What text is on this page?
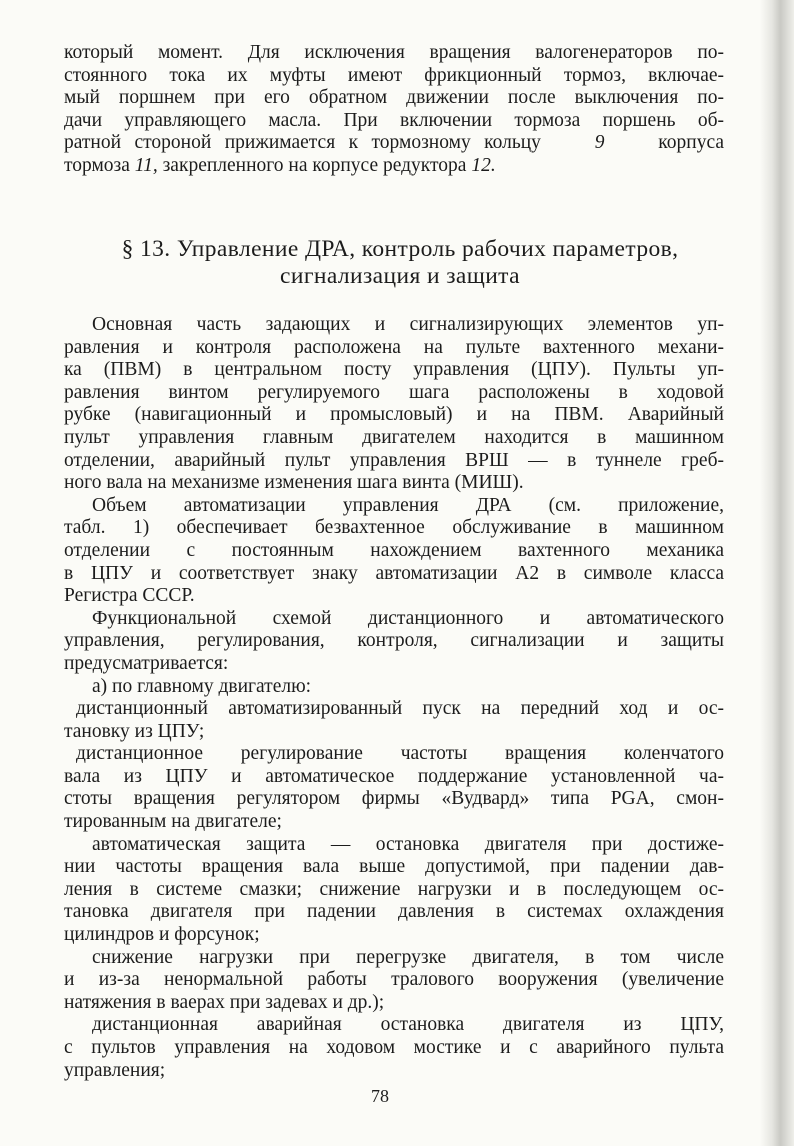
который момент. Для исключения вращения валогенераторов по-
стоянного тока их муфты имеют фрикционный тормоз, включае-
мый поршнем при его обратном движении после выключения по-
дачи управляющего масла. При включении тормоза поршень об-
ратной стороной прижимается к тормозному кольцу	9	корпуса
тормоза 11, закрепленного на корпусе редуктора 12.
§ 13. Управление ДРА, контроль рабочих параметров,
сигнализация и защита
Основная часть задающих и сигнализирующих элементов уп-
равления и контроля расположена на пульте вахтенного механи-
ка (ПВМ) в центральном посту управления (ЦПУ). Пульты уп-
равления винтом регулируемого шага расположены в ходовой
рубке (навигационный и промысловый) и на ПВМ. Аварийный
пульт управления главным двигателем находится в машинном
отделении, аварийный пульт управления ВРШ — в туннеле греб-
ного вала на механизме изменения шага винта (МИШ).
Объем автоматизации управления ДРА (см. приложение,
табл. 1) обеспечивает безвахтенное обслуживание в машинном
отделении с постоянным нахождением вахтенного механика
в ЦПУ и соответствует знаку автоматизации А2 в символе класса
Регистра СССР.
Функциональной схемой дистанционного и автоматического
управления, регулирования, контроля, сигнализации и защиты
предусматривается:
а) по главному двигателю:
дистанционный автоматизированный пуск на передний ход и ос-
тановку из ЦПУ;
дистанционное регулирование частоты вращения коленчатого
вала из ЦПУ и автоматическое поддержание установленной ча-
стоты вращения регулятором фирмы «Вудвард» типа PGA, смон-
тированным на двигателе;
автоматическая защита — остановка двигателя при достиже-
нии частоты вращения вала выше допустимой, при падении дав-
ления в системе смазки; снижение нагрузки и в последующем ос-
тановка двигателя при падении давления в системах охлаждения
цилиндров и форсунок;
снижение нагрузки при перегрузке двигателя, в том числе
и из-за ненормальной работы тралового вооружения (увеличение
натяжения в ваерах при задевах и др.);
дистанционная аварийная остановка двигателя из ЦПУ,
с пультов управления на ходовом мостике и с аварийного пульта
управления;
78
